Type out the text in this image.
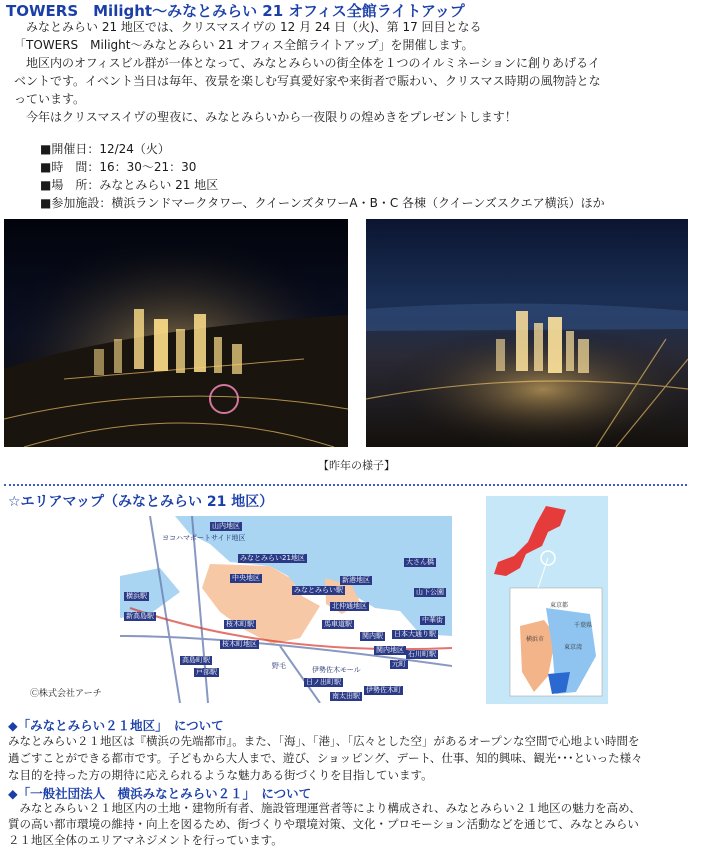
TOWERS　Milight～みなとみらい 21 オフィス全館ライトアップ
　みなとみらい 21 地区では、クリスマスイヴの 12 月 24 日（火)、第 17 回目となる
「TOWERS　Milight～みなとみらい 21 オフィス全館ライトアップ」を開催します。
　地区内のオフィスビル群が一体となって、みなとみらいの街全体を１つのイルミネーションに創りあげるイ
ベントです。イベント当日は毎年、夜景を楽しむ写真愛好家や来街者で賑わい、クリスマス時期の風物詩とな
っています。
　今年はクリスマスイヴの聖夜に、みなとみらいから一夜限りの煌めきをプレゼントします！
■開催日：12/24（火）
■時　間：16：30～21：30
■場　所：みなとみらい 21 地区
■参加施設：横浜ランドマークタワー、クイーンズタワーA・B・C 各棟（クイーンズスクエア横浜）ほか
【昨年の様子】
☆エリアマップ（みなとみらい 21 地区）
みなとみらい21地区
みなとみらい駅
新港地区
中央地区
山下公園
山内地区
横浜駅
桜木町駅
関内駅
中華街
石川町駅
元町
大さん橋
馬車道駅
日本大通り駅
新高島駅
高島町駅
戸部駅
日ノ出町駅
伊勢佐木町
ヨコハマポートサイド地区
野毛
北仲通地区
関内地区
桜木町地区
伊勢佐木モール
南太田駅
Ⓒ株式会社アーチ
東京都
千葉県
横浜市
東京湾
◆「みなとみらい２１地区」　について
みなとみらい２１地区は『横浜の先端都市』。また、「海」、「港」、「広々とした空」があるオープンな空間で心地よい時間を
過ごすことができる都市です。子どもから大人まで、遊び、ショッピング、デート、仕事、知的興味、観光･･･といった様々
な目的を持った方の期待に応えられるような魅力ある街づくりを目指しています。
◆「一般社団法人　横浜みなとみらい２１」　について
　みなとみらい２１地区内の土地・建物所有者、施設管理運営者等により構成され、みなとみらい２１地区の魅力を高め、
質の高い都市環境の維持・向上を図るため、街づくりや環境対策、文化・プロモーション活動などを通じて、みなとみらい
２１地区全体のエリアマネジメントを行っています。
